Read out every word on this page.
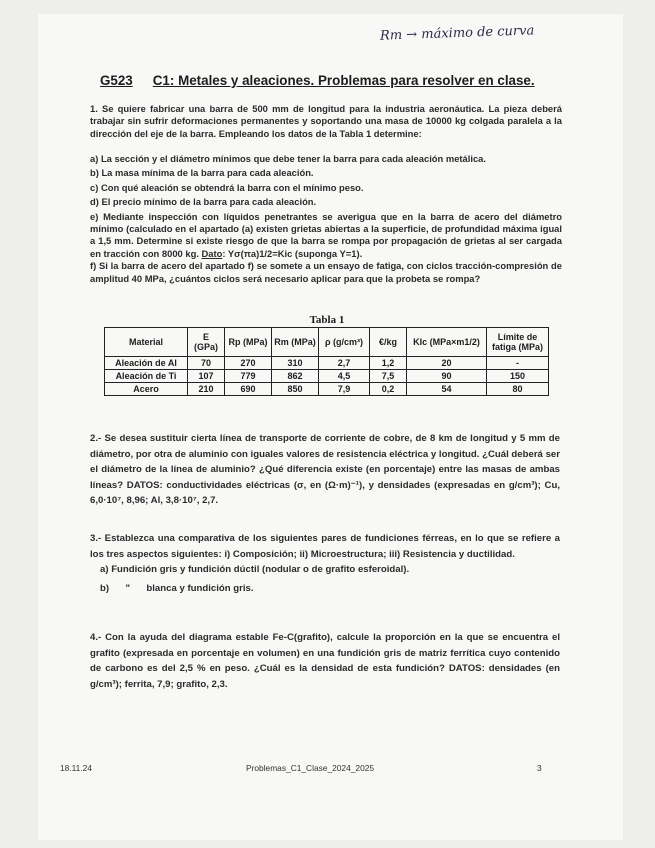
Rm → máximo de curva
G523 C1: Metales y aleaciones. Problemas para resolver en clase.

1. Se quiere fabricar una barra de 500 mm de longitud para la industria aeronáutica. La pieza deberá trabajar sin sufrir deformaciones permanentes y soportando una masa de 10000 kg colgada paralela a la dirección del eje de la barra. Empleando los datos de la Tabla 1 determine:

a) La sección y el diámetro mínimos que debe tener la barra para cada aleación metálica.

b) La masa mínima de la barra para cada aleación.

c) Con qué aleación se obtendrá la barra con el mínimo peso.

d) El precio mínimo de la barra para cada aleación.

e) Mediante inspección con líquidos penetrantes se averigua que en la barra de acero del diámetro mínimo (calculado en el apartado (a) existen grietas abiertas a la superficie, de profundidad máxima igual a 1,5 mm. Determine si existe riesgo de que la barra se rompa por propagación de grietas al ser cargada en tracción con 8000 kg. Dato: Yσ(πa)1/2=Kic (suponga Y=1).

f) Si la barra de acero del apartado f) se somete a un ensayo de fatiga, con ciclos tracción-compresión de amplitud 40 MPa, ¿cuántos ciclos será necesario aplicar para que la probeta se rompa?

Tabla 1
Material	E (GPa)	Rp (MPa)	Rm (MPa)	ρ (g/cm³)	€/kg	KIc (MPa×m1/2)	Límite de fatiga (MPa)
Aleación de Al	70	270	310	2,7	1,2	20	-
Aleación de Ti	107	779	862	4,5	7,5	90	150
Acero	210	690	850	7,9	0,2	54	80

2.- Se desea sustituir cierta línea de transporte de corriente de cobre, de 8 km de longitud y 5 mm de diámetro, por otra de aluminio con iguales valores de resistencia eléctrica y longitud. ¿Cuál deberá ser el diámetro de la línea de aluminio? ¿Qué diferencia existe (en porcentaje) entre las masas de ambas líneas? DATOS: conductividades eléctricas (σ, en (Ω·m)⁻¹), y densidades (expresadas en g/cm³); Cu, 6,0·10⁷, 8,96; Al, 3,8·10⁷, 2,7.

3.- Establezca una comparativa de los siguientes pares de fundiciones férreas, en lo que se refiere a los tres aspectos siguientes: i) Composición; ii) Microestructura; iii) Resistencia y ductilidad.

a) Fundición gris y fundición dúctil (nodular o de grafito esferoidal).

b) " blanca y fundición gris.

4.- Con la ayuda del diagrama estable Fe-C(grafito), calcule la proporción en la que se encuentra el grafito (expresada en porcentaje en volumen) en una fundición gris de matriz ferrítica cuyo contenido de carbono es del 2,5 % en peso. ¿Cuál es la densidad de esta fundición? DATOS: densidades (en g/cm³); ferrita, 7,9; grafito, 2,3.

18.11.24	Problemas_C1_Clase_2024_2025	3
